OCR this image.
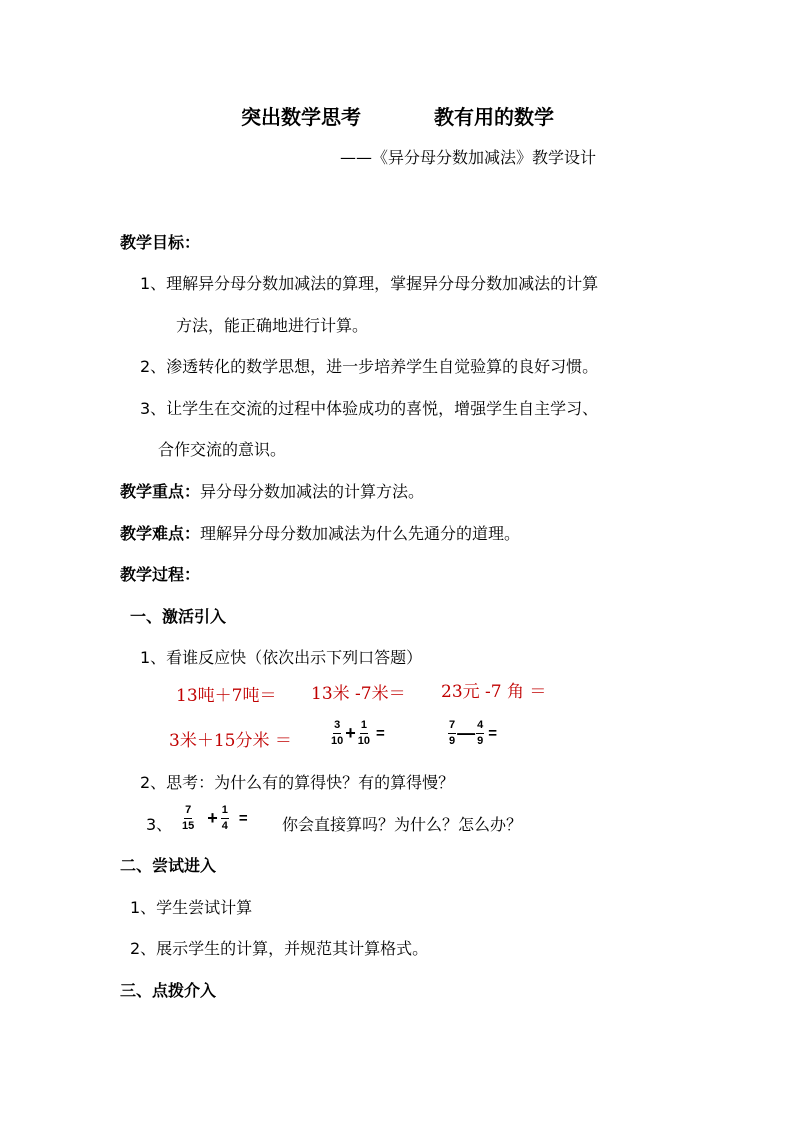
突出数学思考	教有用的数学
——《异分母分数加减法》教学设计
教学目标：
1、理解异分母分数加减法的算理，掌握异分母分数加减法的计算
方法，能正确地进行计算。
2、渗透转化的数学思想，进一步培养学生自觉验算的良好习惯。
3、让学生在交流的过程中体验成功的喜悦，增强学生自主学习、
合作交流的意识。
教学重点：异分母分数加减法的计算方法。
教学难点：理解异分母分数加减法为什么先通分的道理。
教学过程：
一、激活引入
1、看谁反应快（依次出示下列口答题）
13吨＋7吨＝ 13米 -7米＝ 23元 -7 角 ＝
3米＋15分米 ＝	$\frac{3}{10} + \frac{1}{10}$ =	$\frac{7}{9}$ — $\frac{4}{9}$ =
2、思考：为什么有的算得快？有的算得慢？
3、 $\frac{7}{15} + \frac{1}{4}$ = 你会直接算吗？为什么？怎么办？
二、尝试进入
1、学生尝试计算
2、展示学生的计算，并规范其计算格式。
三、点拨介入
